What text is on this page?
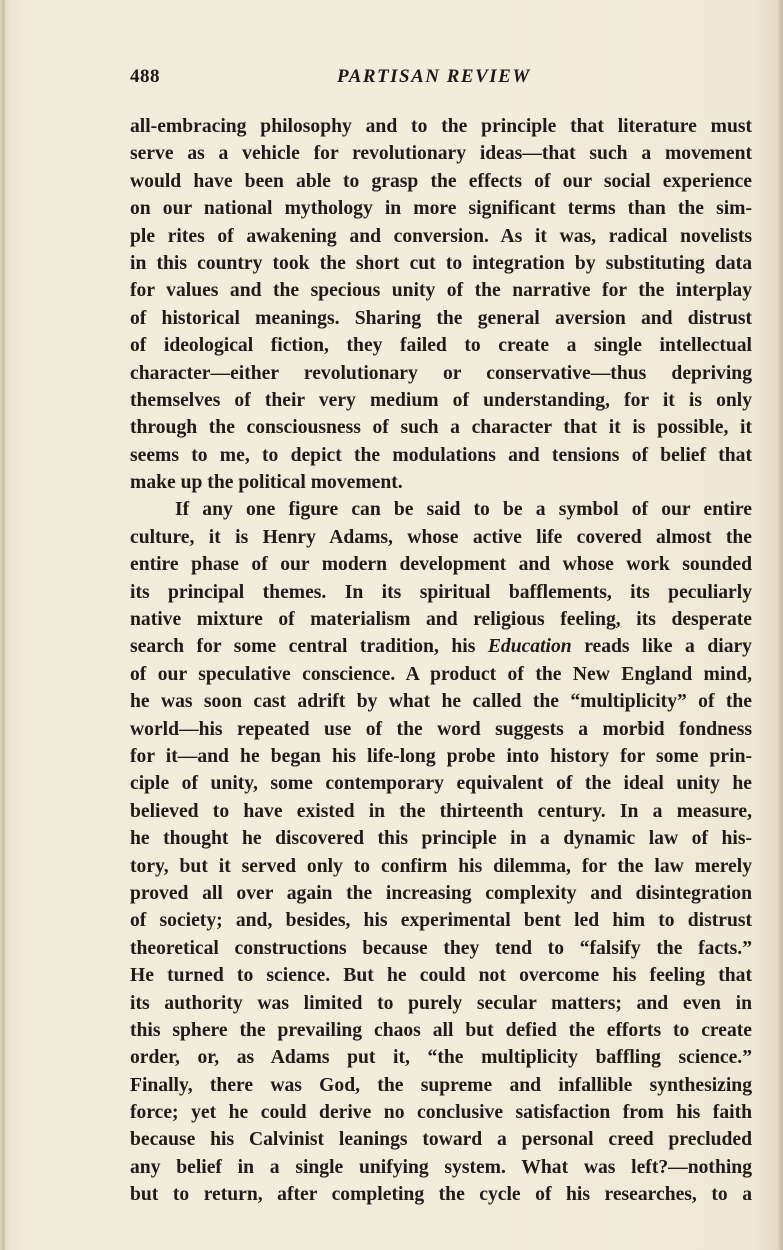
488	PARTISAN REVIEW
all-embracing philosophy and to the principle that literature must
serve as a vehicle for revolutionary ideas—that such a movement
would have been able to grasp the effects of our social experience
on our national mythology in more significant terms than the sim-
ple rites of awakening and conversion. As it was, radical novelists
in this country took the short cut to integration by substituting data
for values and the specious unity of the narrative for the interplay
of historical meanings. Sharing the general aversion and distrust
of ideological fiction, they failed to create a single intellectual
character—either revolutionary or conservative—thus depriving
themselves of their very medium of understanding, for it is only
through the consciousness of such a character that it is possible, it
seems to me, to depict the modulations and tensions of belief that
make up the political movement.
If any one figure can be said to be a symbol of our entire
culture, it is Henry Adams, whose active life covered almost the
entire phase of our modern development and whose work sounded
its principal themes. In its spiritual bafflements, its peculiarly
native mixture of materialism and religious feeling, its desperate
search for some central tradition, his Education reads like a diary
of our speculative conscience. A product of the New England mind,
he was soon cast adrift by what he called the “multiplicity” of the
world—his repeated use of the word suggests a morbid fondness
for it—and he began his life-long probe into history for some prin-
ciple of unity, some contemporary equivalent of the ideal unity he
believed to have existed in the thirteenth century. In a measure,
he thought he discovered this principle in a dynamic law of his-
tory, but it served only to confirm his dilemma, for the law merely
proved all over again the increasing complexity and disintegration
of society; and, besides, his experimental bent led him to distrust
theoretical constructions because they tend to “falsify the facts.”
He turned to science. But he could not overcome his feeling that
its authority was limited to purely secular matters; and even in
this sphere the prevailing chaos all but defied the efforts to create
order, or, as Adams put it, “the multiplicity baffling science.”
Finally, there was God, the supreme and infallible synthesizing
force; yet he could derive no conclusive satisfaction from his faith
because his Calvinist leanings toward a personal creed precluded
any belief in a single unifying system. What was left?—nothing
but to return, after completing the cycle of his researches, to a
